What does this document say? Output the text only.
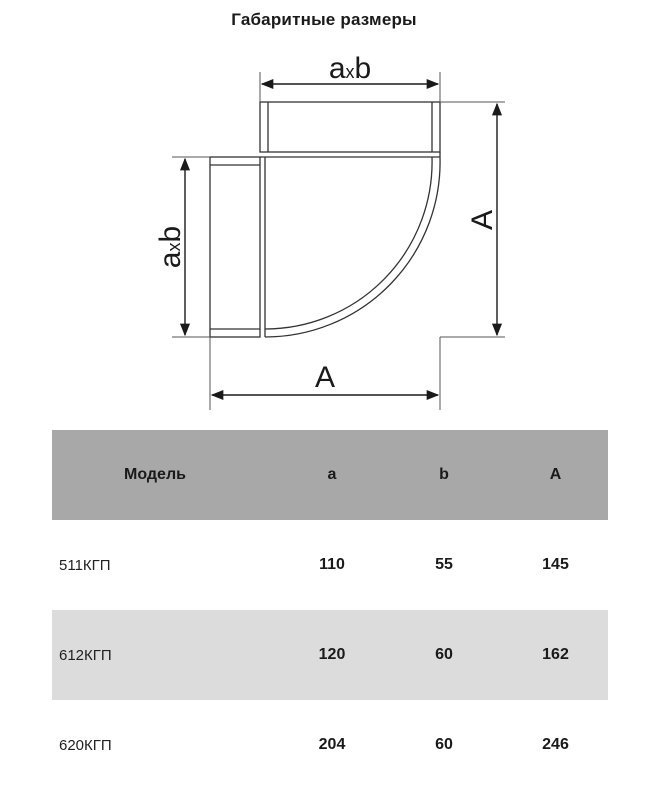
Габаритные размеры
axb
axb
A
A
Модель	a	b	A
511КГП	110	55	145
612КГП	120	60	162
620КГП	204	60	246
